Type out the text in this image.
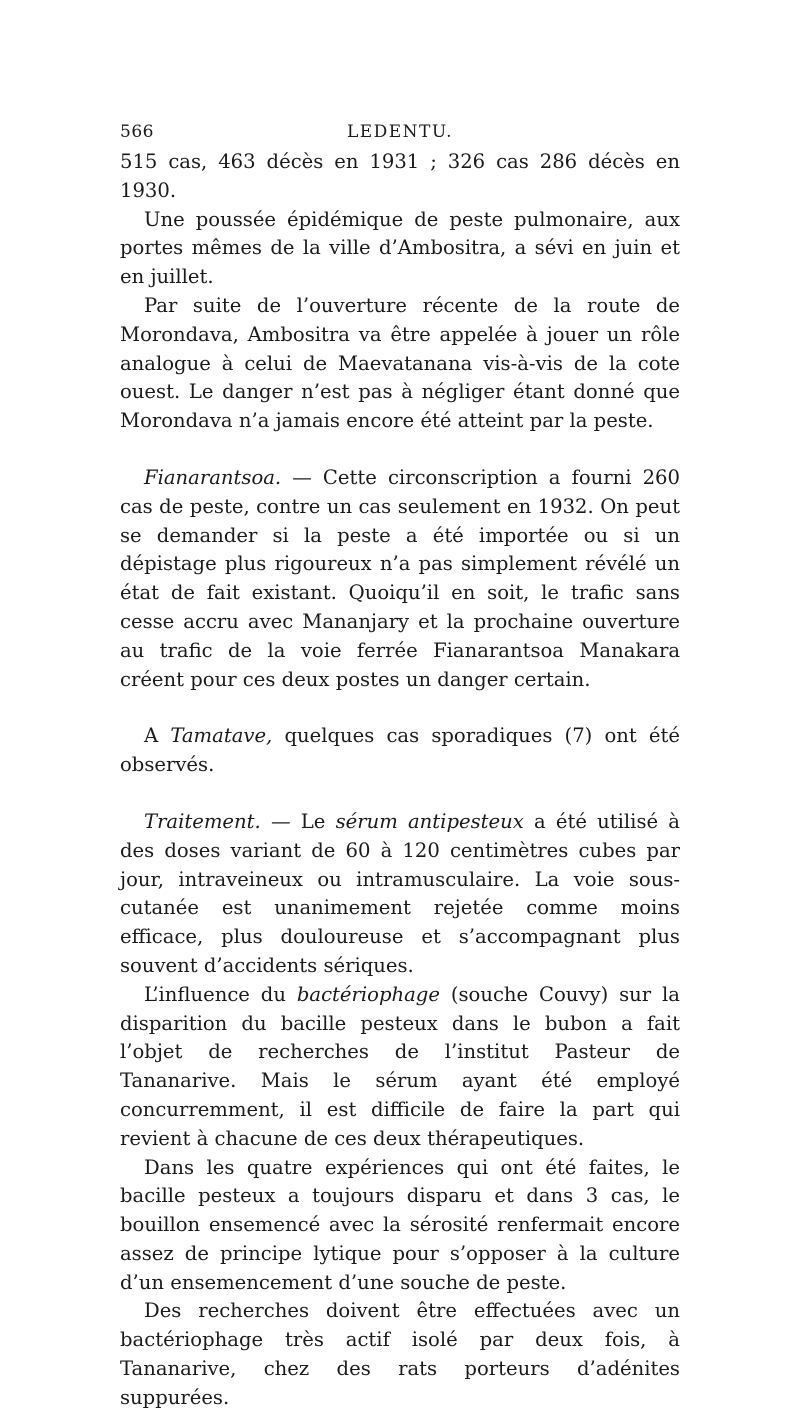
566	LEDENTU.

515 cas, 463 décès en 1931 ; 326 cas 286 décès en 1930.

Une poussée épidémique de peste pulmonaire, aux portes mêmes de la ville d’Ambositra, a sévi en juin et en juillet.

Par suite de l’ouverture récente de la route de Morondava, Ambositra va être appelée à jouer un rôle analogue à celui de Maevatanana vis-à-vis de la cote ouest. Le danger n’est pas à négliger étant donné que Morondava n’a jamais encore été atteint par la peste.

Fianarantsoa. — Cette circonscription a fourni 260 cas de peste, contre un cas seulement en 1932. On peut se demander si la peste a été importée ou si un dépistage plus rigoureux n’a pas simplement révélé un état de fait existant. Quoiqu’il en soit, le trafic sans cesse accru avec Mananjary et la prochaine ouverture au trafic de la voie ferrée Fianarantsoa Manakara créent pour ces deux postes un danger certain.

A Tamatave, quelques cas sporadiques (7) ont été observés.

Traitement. — Le sérum antipesteux a été utilisé à des doses variant de 60 à 120 centimètres cubes par jour, intraveineux ou intramusculaire. La voie sous-cutanée est unanimement rejetée comme moins efficace, plus douloureuse et s’accompagnant plus souvent d’accidents sériques.

L’influence du bactériophage (souche Couvy) sur la disparition du bacille pesteux dans le bubon a fait l’objet de recherches de l’institut Pasteur de Tananarive. Mais le sérum ayant été employé concurremment, il est difficile de faire la part qui revient à chacune de ces deux thérapeutiques.

Dans les quatre expériences qui ont été faites, le bacille pesteux a toujours disparu et dans 3 cas, le bouillon ensemencé avec la sérosité renfermait encore assez de principe lytique pour s’opposer à la culture d’un ensemencement d’une souche de peste.

Des recherches doivent être effectuées avec un bactériophage très actif isolé par deux fois, à Tananarive, chez des rats porteurs d’adénites suppurées.
